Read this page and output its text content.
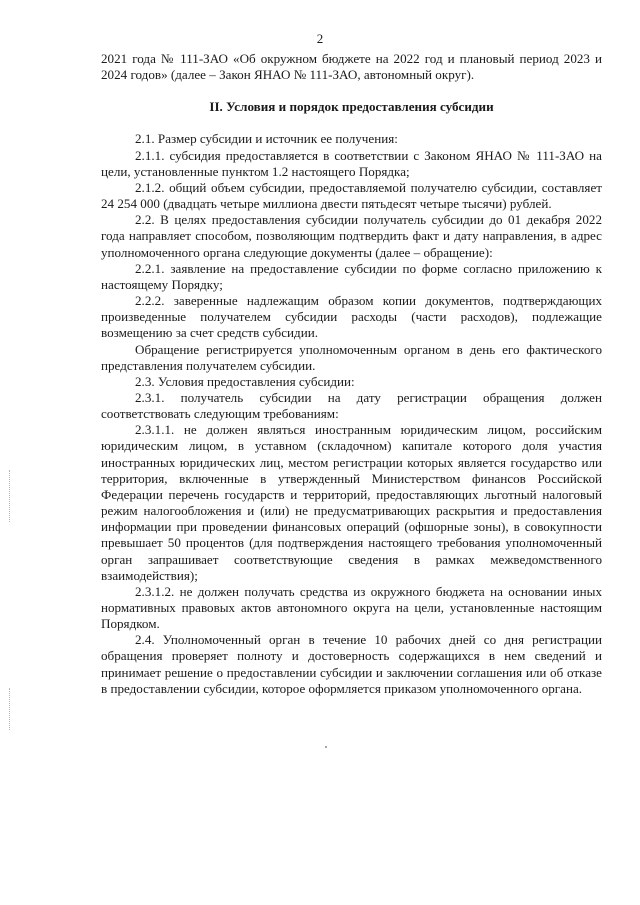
2

2021 года № 111-ЗАО «Об окружном бюджете на 2022 год и плановый период 2023 и 2024 годов» (далее – Закон ЯНАО № 111-ЗАО, автономный округ).

II. Условия и порядок предоставления субсидии

2.1. Размер субсидии и источник ее получения:

2.1.1. субсидия предоставляется в соответствии с Законом ЯНАО № 111-ЗАО на цели, установленные пунктом 1.2 настоящего Порядка;

2.1.2. общий объем субсидии, предоставляемой получателю субсидии, составляет 24 254 000 (двадцать четыре миллиона двести пятьдесят четыре тысячи) рублей.

2.2. В целях предоставления субсидии получатель субсидии до 01 декабря 2022 года направляет способом, позволяющим подтвердить факт и дату направления, в адрес уполномоченного органа следующие документы (далее – обращение):

2.2.1. заявление на предоставление субсидии по форме согласно приложению к настоящему Порядку;

2.2.2. заверенные надлежащим образом копии документов, подтверждающих произведенные получателем субсидии расходы (части расходов), подлежащие возмещению за счет средств субсидии.

Обращение регистрируется уполномоченным органом в день его фактического представления получателем субсидии.

2.3. Условия предоставления субсидии:

2.3.1. получатель субсидии на дату регистрации обращения должен соответствовать следующим требованиям:

2.3.1.1. не должен являться иностранным юридическим лицом, российским юридическим лицом, в уставном (складочном) капитале которого доля участия иностранных юридических лиц, местом регистрации которых является государство или территория, включенные в утвержденный Министерством финансов Российской Федерации перечень государств и территорий, предоставляющих льготный налоговый режим налогообложения и (или) не предусматривающих раскрытия и предоставления информации при проведении финансовых операций (офшорные зоны), в совокупности превышает 50 процентов (для подтверждения настоящего требования уполномоченный орган запрашивает соответствующие сведения в рамках межведомственного взаимодействия);

2.3.1.2. не должен получать средства из окружного бюджета на основании иных нормативных правовых актов автономного округа на цели, установленные настоящим Порядком.

2.4. Уполномоченный орган в течение 10 рабочих дней со дня регистрации обращения проверяет полноту и достоверность содержащихся в нем сведений и принимает решение о предоставлении субсидии и заключении соглашения или об отказе в предоставлении субсидии, которое оформляется приказом уполномоченного органа.
